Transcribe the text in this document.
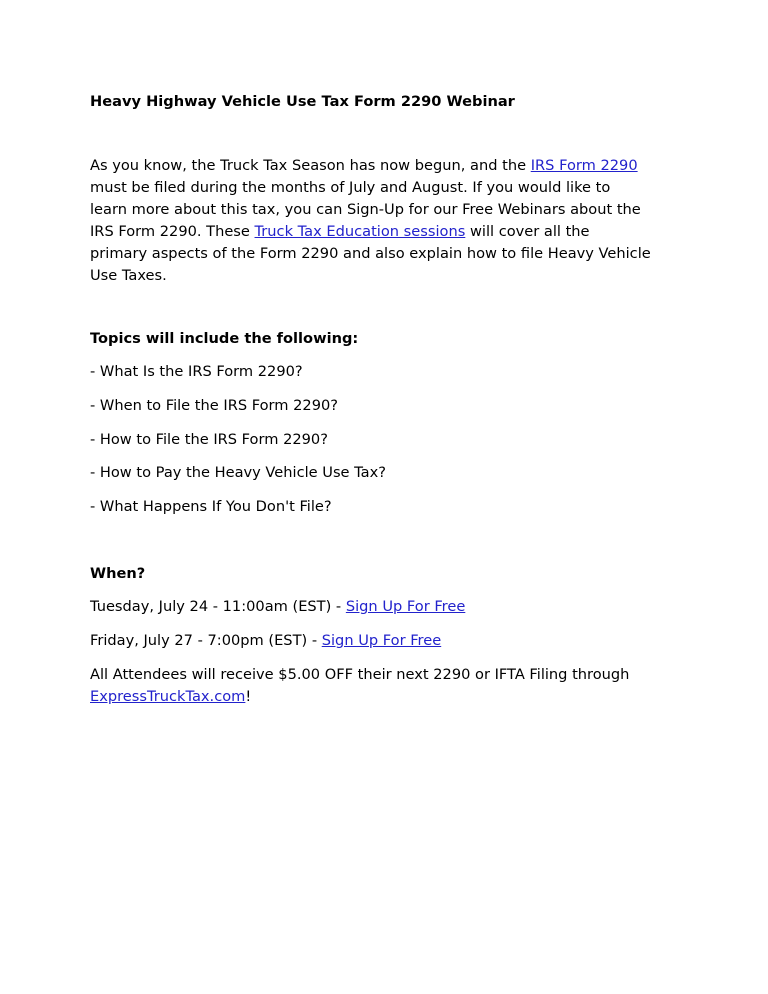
Heavy Highway Vehicle Use Tax Form 2290 Webinar
As you know, the Truck Tax Season has now begun, and the IRS Form 2290
must be filed during the months of July and August. If you would like to
learn more about this tax, you can Sign-Up for our Free Webinars about the
IRS Form 2290. These Truck Tax Education sessions will cover all the
primary aspects of the Form 2290 and also explain how to file Heavy Vehicle
Use Taxes.
Topics will include the following:
- What Is the IRS Form 2290?
- When to File the IRS Form 2290?
- How to File the IRS Form 2290?
- How to Pay the Heavy Vehicle Use Tax?
- What Happens If You Don't File?
When?
Tuesday, July 24 - 11:00am (EST) - Sign Up For Free
Friday, July 27 - 7:00pm (EST) - Sign Up For Free
All Attendees will receive $5.00 OFF their next 2290 or IFTA Filing through
ExpressTruckTax.com!
